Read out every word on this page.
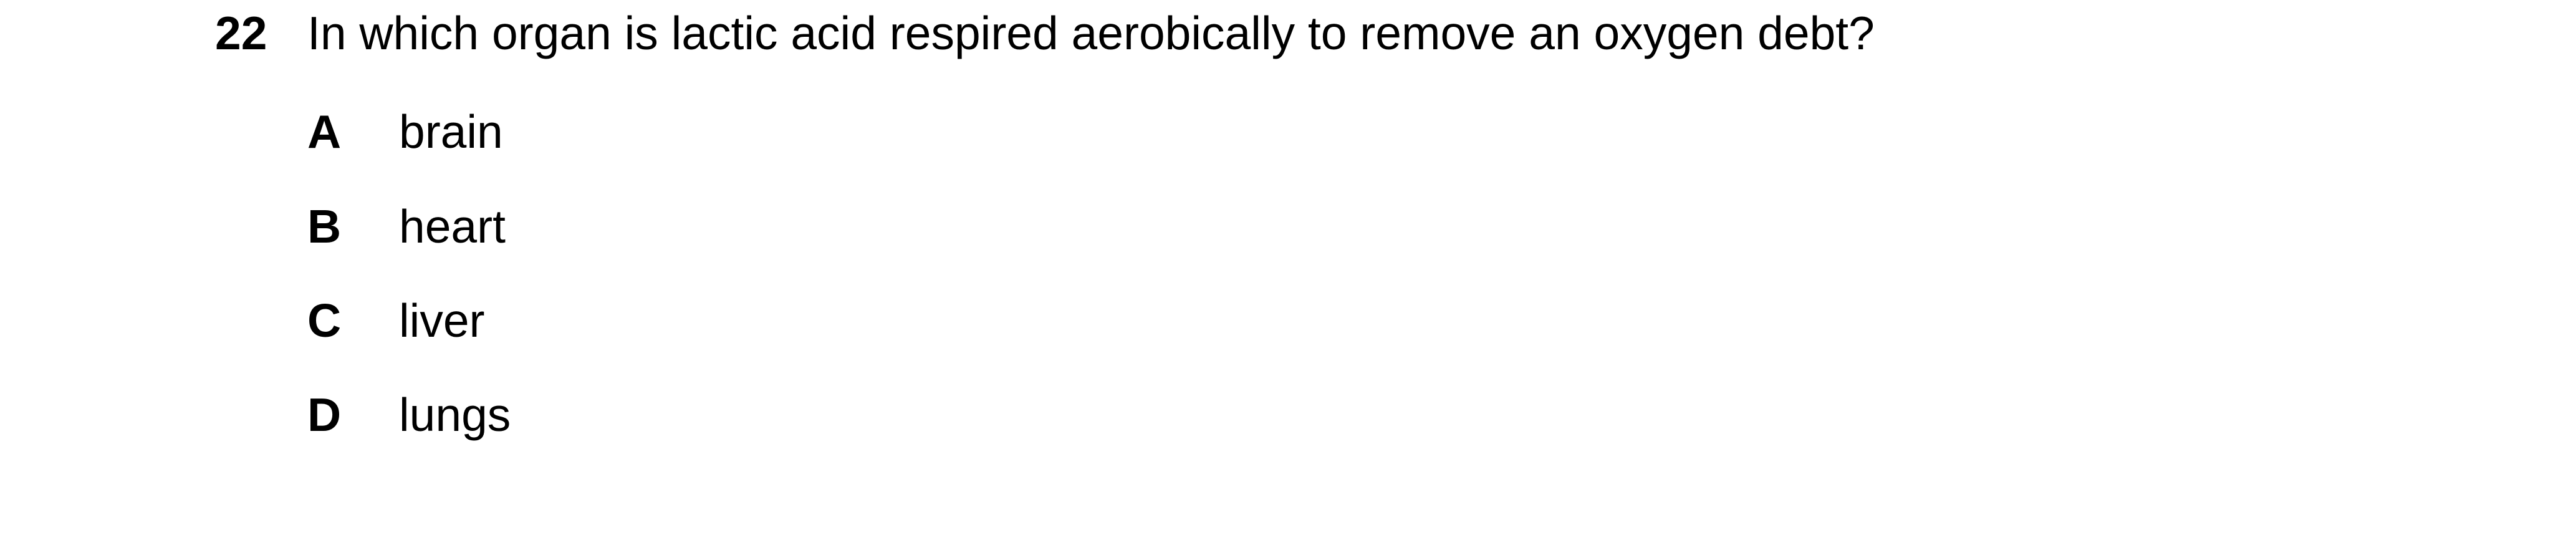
22 In which organ is lactic acid respired aerobically to remove an oxygen debt?
A brain
B heart
C liver
D lungs
